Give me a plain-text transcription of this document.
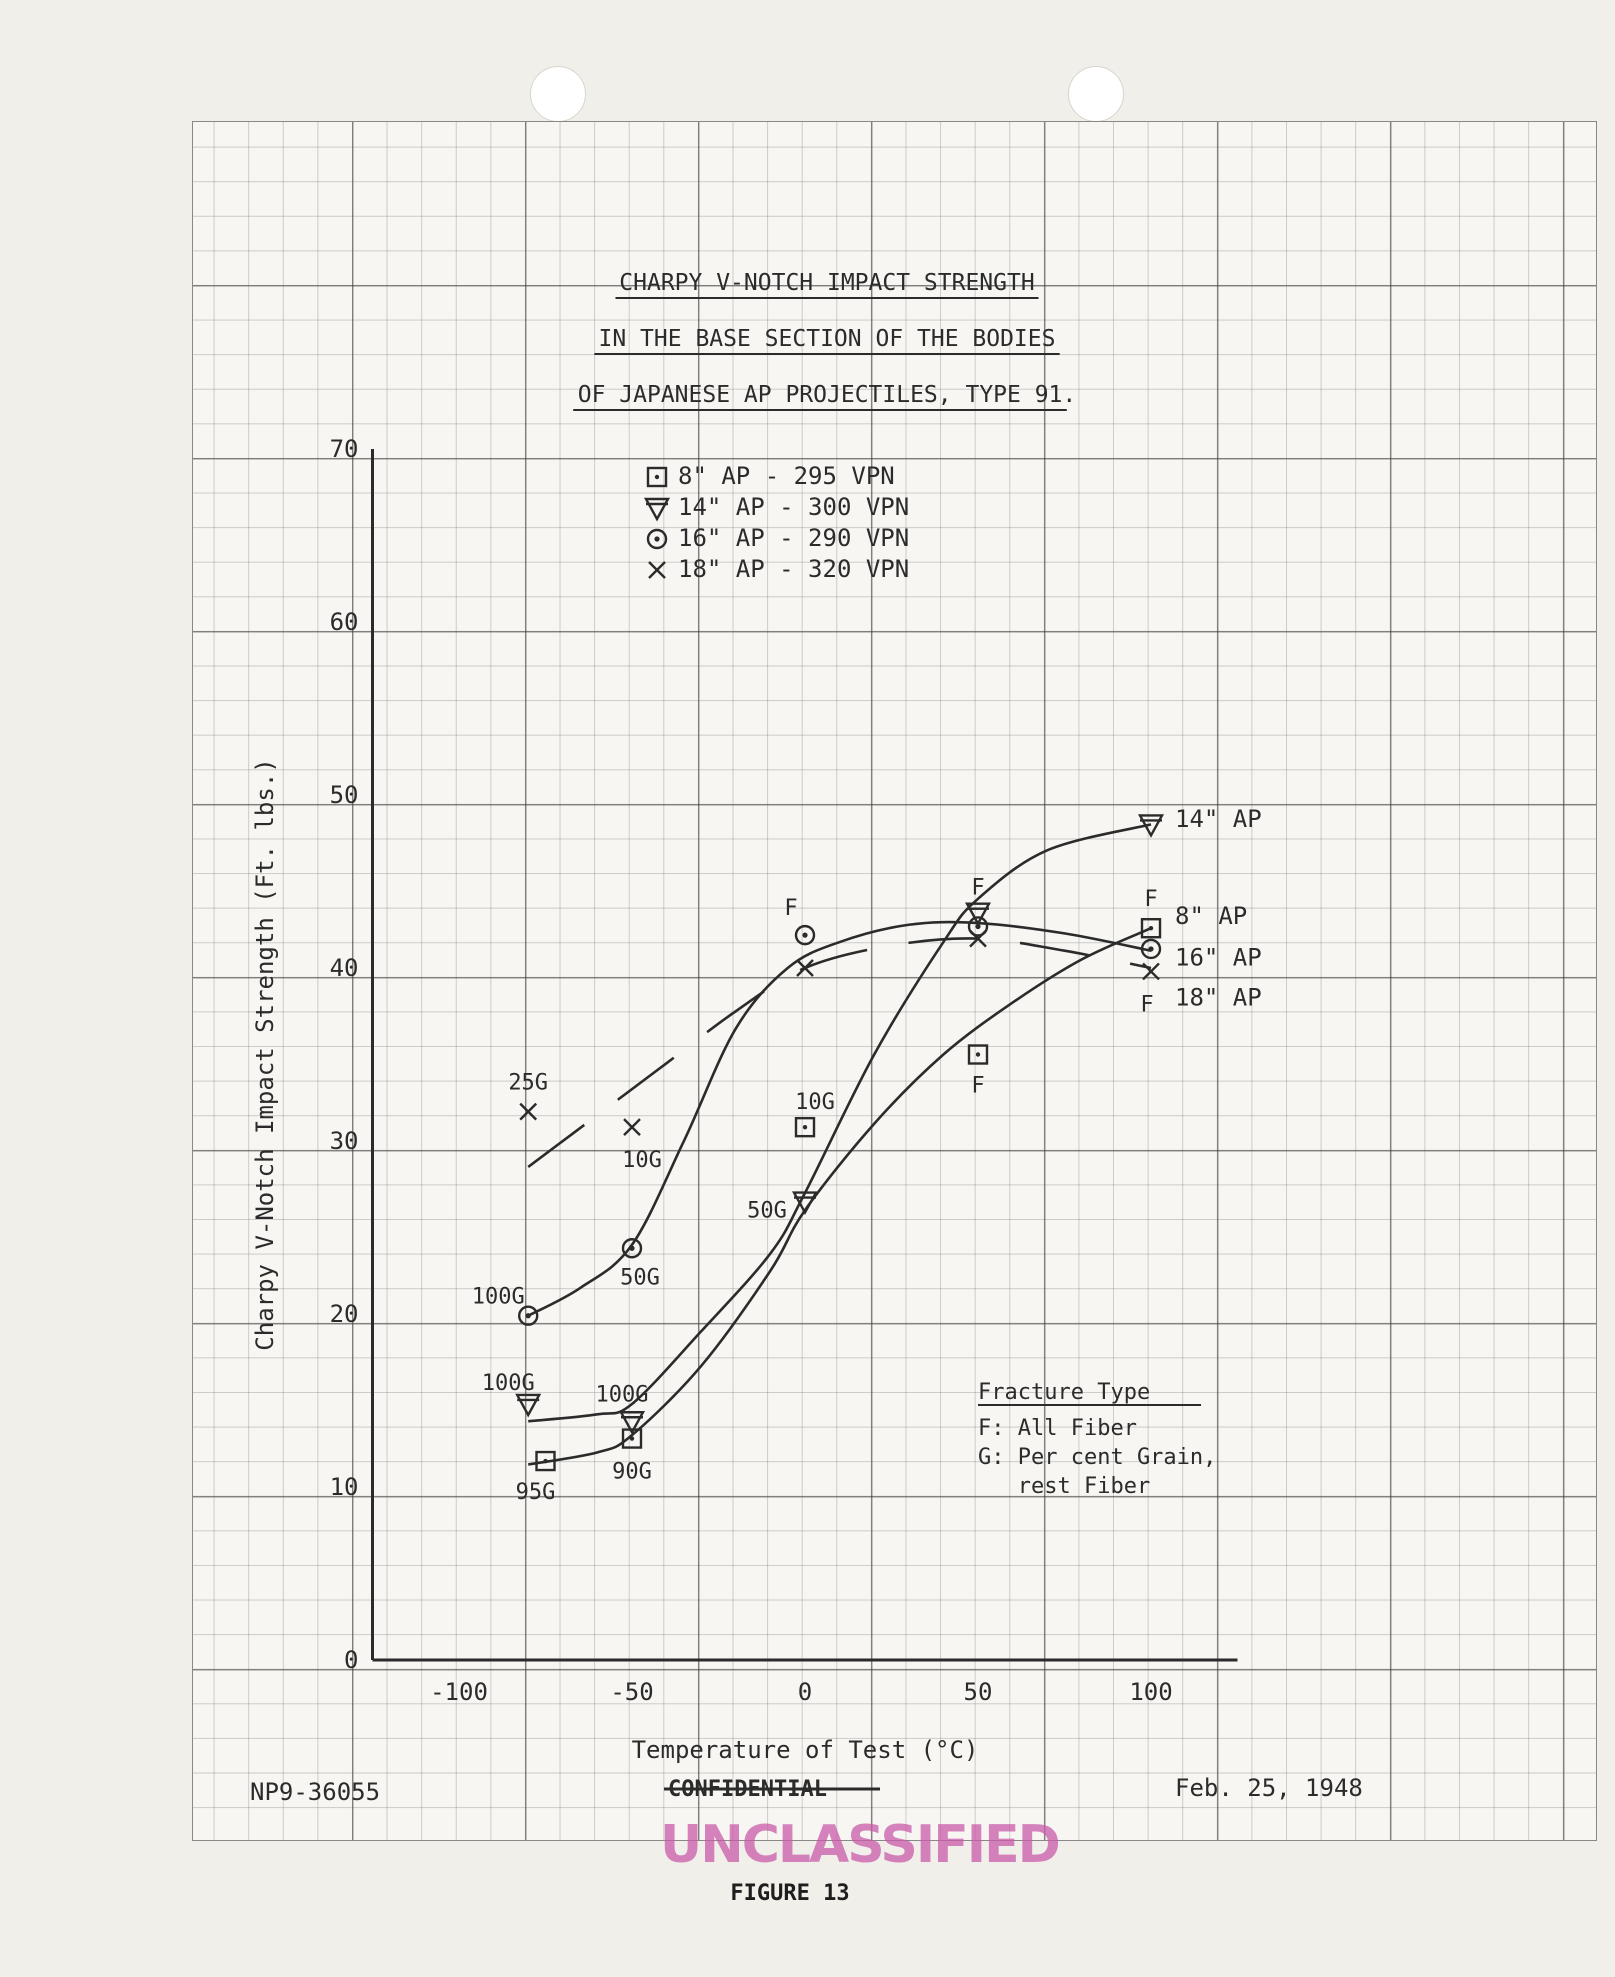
CHARPY V-NOTCH IMPACT STRENGTH
IN THE BASE SECTION OF THE BODIES
OF JAPANESE AP PROJECTILES, TYPE 91.
8" AP - 295 VPN
14" AP - 300 VPN
16" AP - 290 VPN
18" AP - 320 VPN
0
10
20
30
40
50
60
70
-100	-50	0	50	100
Temperature of Test (°C)
Charpy V-Notch Impact Strength (Ft. lbs.)
95G
90G
10G
F
F
100G	100G
50G
F
100G
50G
F
25G
10G
F
8" AP
14" AP
16" AP
18" AP
Fracture Type
F: All Fiber
G: Per cent Grain,
rest Fiber
NP9-36055	CONFIDENTIAL	Feb. 25, 1948
FIGURE 13
UNCLASSIFIED
